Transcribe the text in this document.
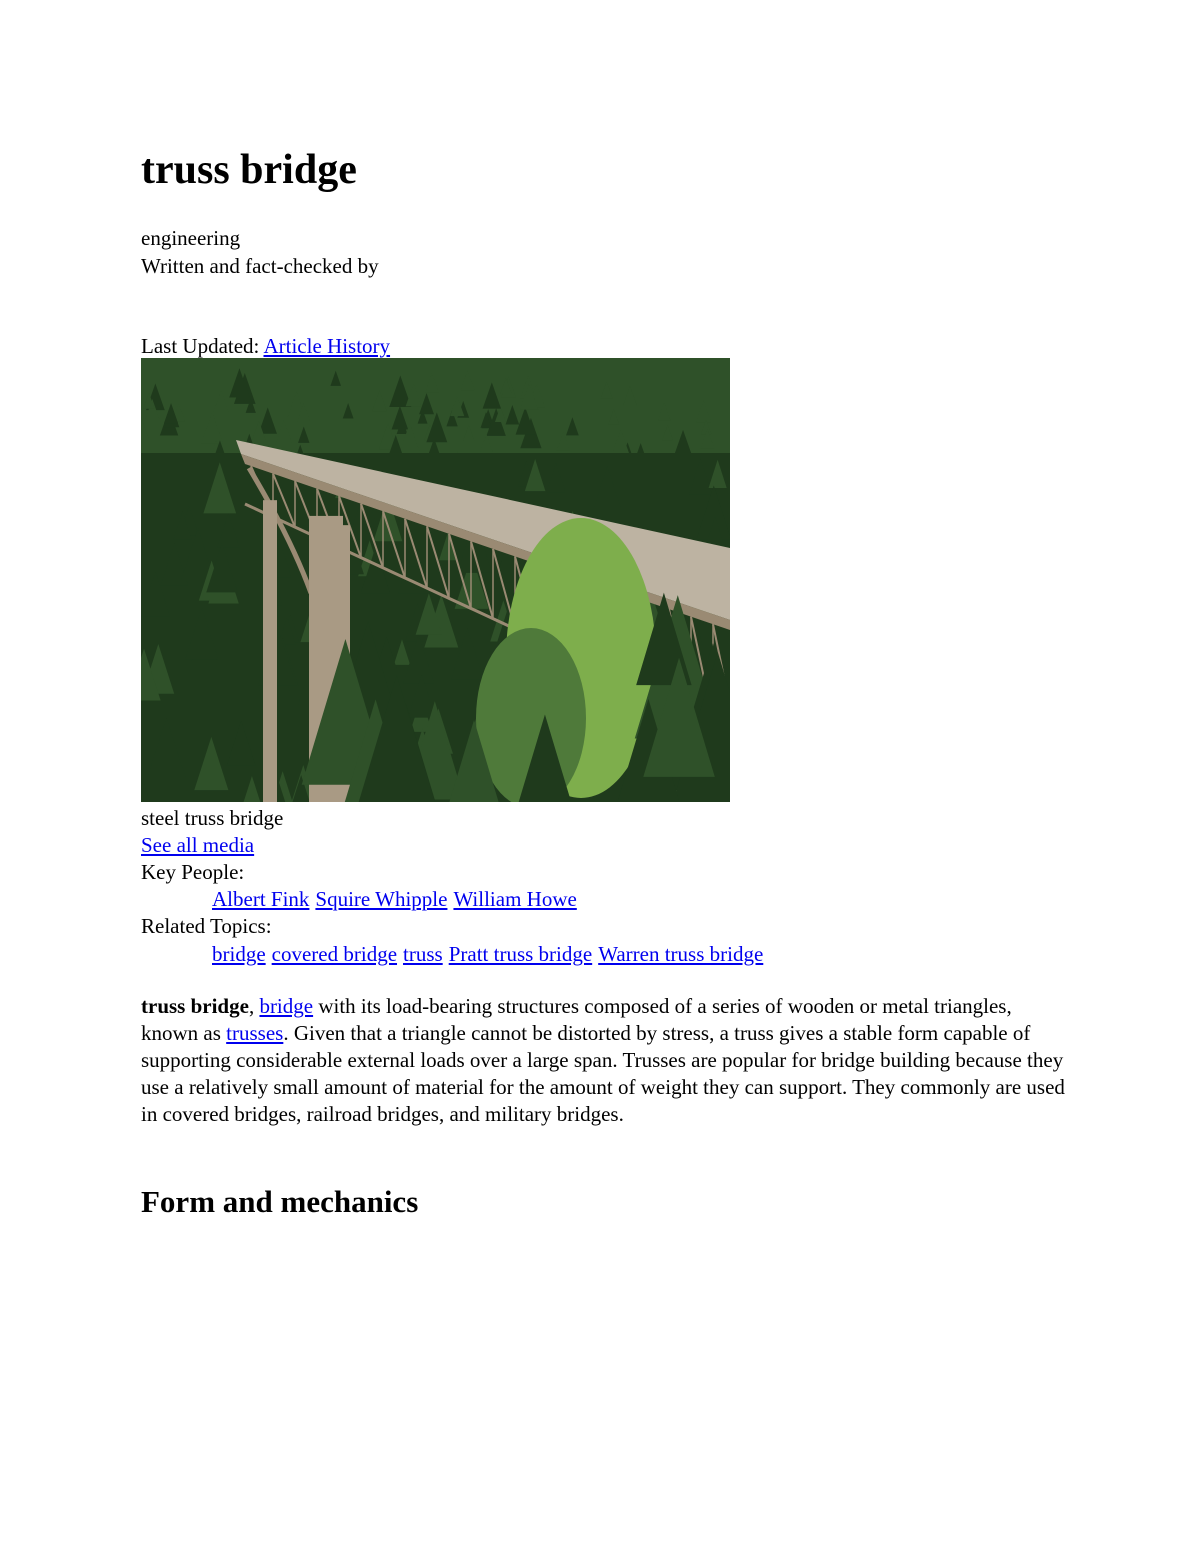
truss bridge
engineering
Written and fact-checked by
Last Updated: Article History
steel truss bridge
See all media
Key People:
Albert Fink Squire Whipple William Howe
Related Topics:
bridge covered bridge truss Pratt truss bridge Warren truss bridge
truss bridge, bridge with its load-bearing structures composed of a series of wooden or metal triangles, known as trusses. Given that a triangle cannot be distorted by stress, a truss gives a stable form capable of supporting considerable external loads over a large span. Trusses are popular for bridge building because they use a relatively small amount of material for the amount of weight they can support. They commonly are used in covered bridges, railroad bridges, and military bridges.
Form and mechanics
